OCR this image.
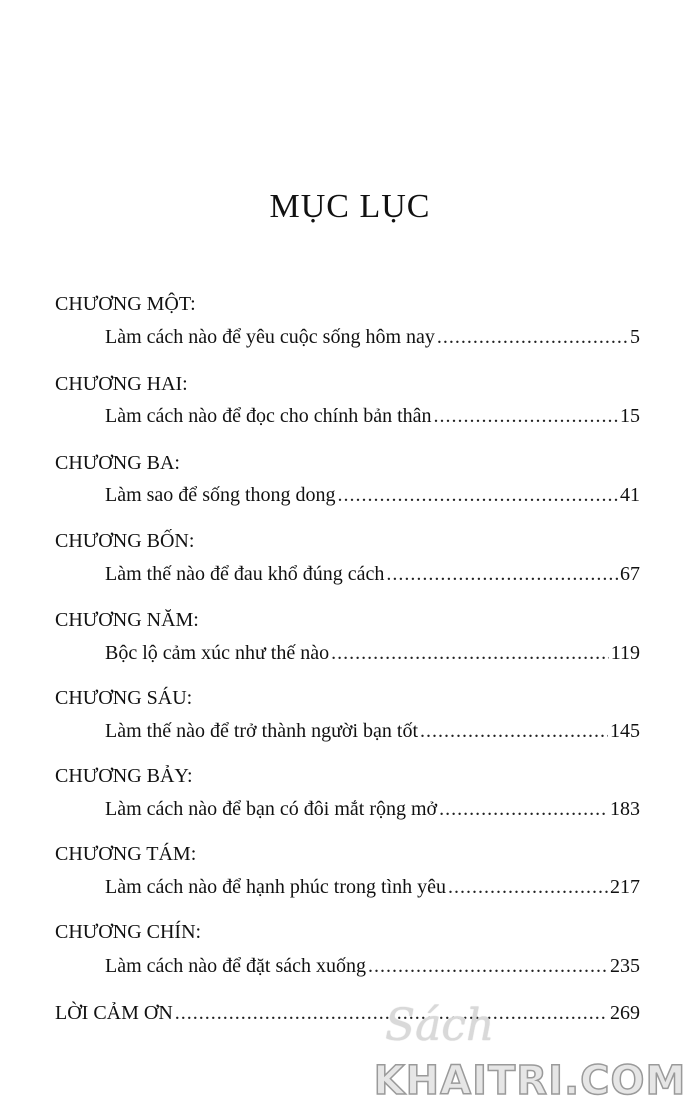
MỤC LỤC
CHƯƠNG MỘT:
Làm cách nào để yêu cuộc sống hôm nay .....	5
CHƯƠNG HAI:
Làm cách nào để đọc cho chính bản thân .....	15
CHƯƠNG BA:
Làm sao để sống thong dong .....	41
CHƯƠNG BỐN:
Làm thế nào để đau khổ đúng cách .....	67
CHƯƠNG NĂM:
Bộc lộ cảm xúc như thế nào .....	119
CHƯƠNG SÁU:
Làm thế nào để trở thành người bạn tốt .....	145
CHƯƠNG BẢY:
Làm cách nào để bạn có đôi mắt rộng mở .....	183
CHƯƠNG TÁM:
Làm cách nào để hạnh phúc trong tình yêu .....	217
CHƯƠNG CHÍN:
Làm cách nào để đặt sách xuống .....	235
LỜI CẢM ƠN .....	269
Sách
KHAITRI.COM
